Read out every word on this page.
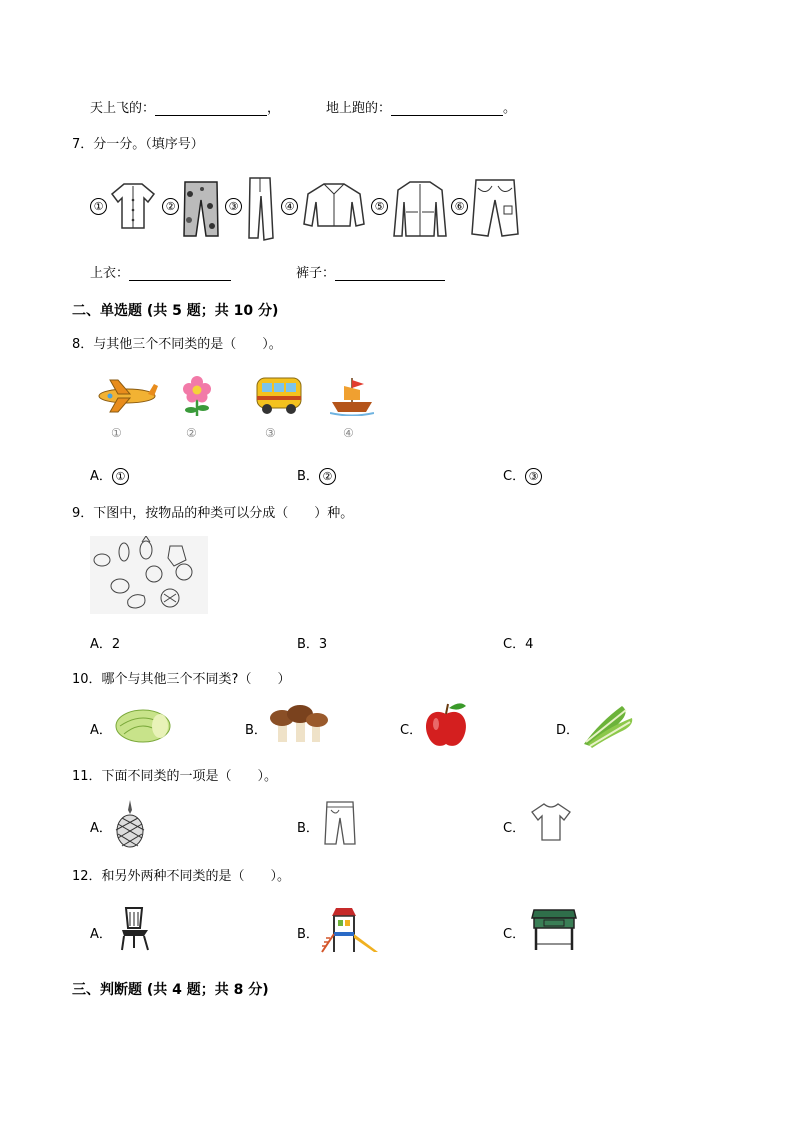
天上飞的：	，	地上跑的：	。
7．分一分。（填序号）
①	②	③	④	⑤	⑥
上衣：	裤子：
二、单选题 (共 5 题；共 10 分)
8．与其他三个不同类的是（　　）。
①	②	③	④
A． ①	B． ②	C． ③
9．下图中，按物品的种类可以分成（　　）种。
A．2	B．3	C．4
10．哪个与其他三个不同类?（　　）
A．	B．	C．	D．
11．下面不同类的一项是（　　）。
A．	B．	C．
12．和另外两种不同类的是（　　）。
A．	B．	C．
三、判断题 (共 4 题；共 8 分)
